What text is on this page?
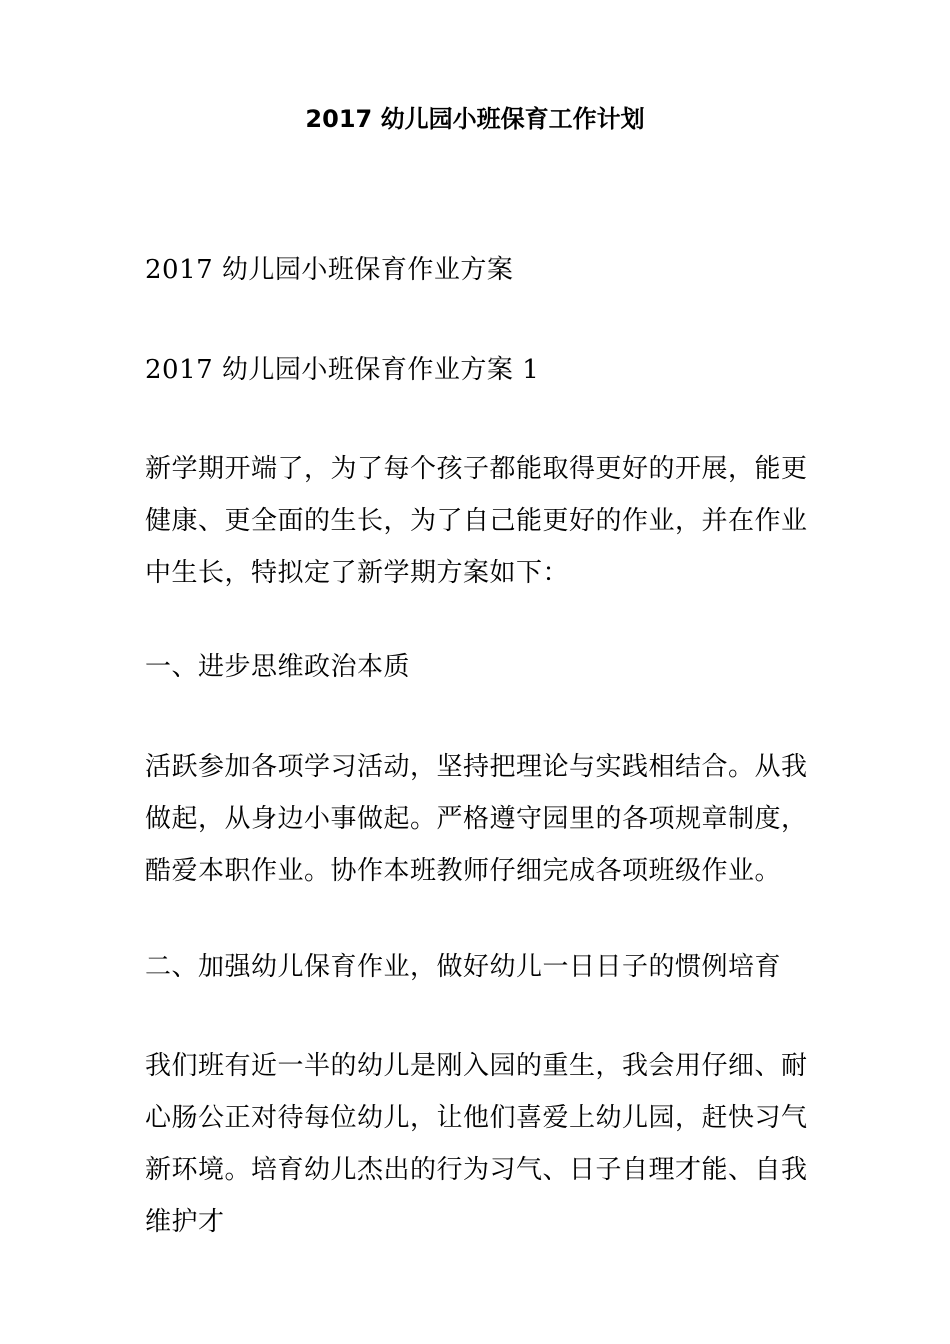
2017 幼儿园小班保育工作计划

2017 幼儿园小班保育作业方案

2017 幼儿园小班保育作业方案 1

新学期开端了，为了每个孩子都能取得更好的开展，能更健康、更全面的生长，为了自己能更好的作业，并在作业中生长，特拟定了新学期方案如下：

一、进步思维政治本质

活跃参加各项学习活动，坚持把理论与实践相结合。从我做起，从身边小事做起。严格遵守园里的各项规章制度，酷爱本职作业。协作本班教师仔细完成各项班级作业。

二、加强幼儿保育作业，做好幼儿一日日子的惯例培育

我们班有近一半的幼儿是刚入园的重生，我会用仔细、耐心肠公正对待每位幼儿，让他们喜爱上幼儿园，赶快习气新环境。培育幼儿杰出的行为习气、日子自理才能、自我维护才
